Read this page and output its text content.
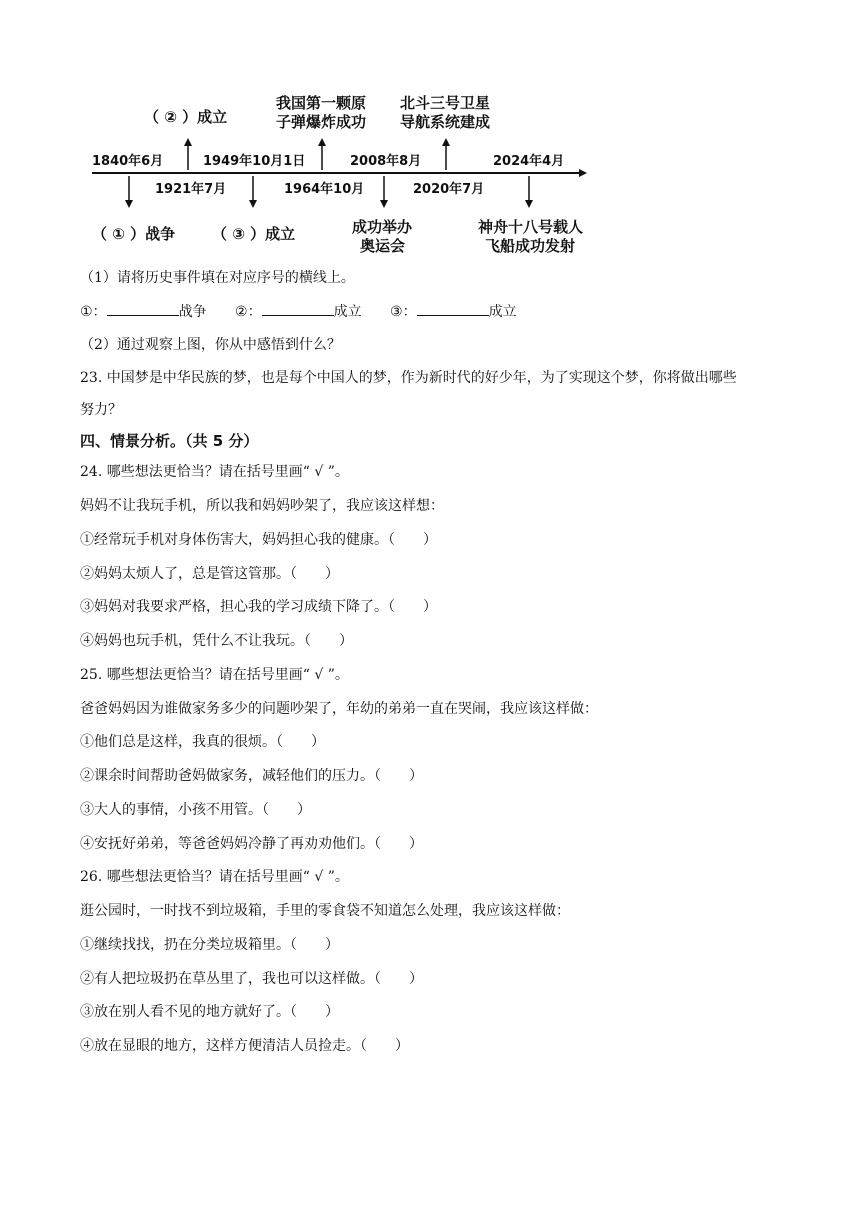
1840年6月	1949年10月1日	2008年8月	2024年4月
1921年7月	1964年10月	2020年7月
（ ② ）成立
我国第一颗原
子弹爆炸成功
北斗三号卫星
导航系统建成
（ ① ）战争 （ ③ ）成立	成功举办
奥运会
神舟十八号载人
飞船成功发射
（1）请将历史事件填在对应序号的横线上。
①：	战争 ②：	成立 ③：	成立
（2）通过观察上图，你从中感悟到什么？
23. 中国梦是中华民族的梦，也是每个中国人的梦，作为新时代的好少年，为了实现这个梦，你将做出哪些
努力？
四、情景分析。（共 5 分）
24. 哪些想法更恰当？请在括号里画“ √ ”。
妈妈不让我玩手机，所以我和妈妈吵架了，我应该这样想：
①经常玩手机对身体伤害大，妈妈担心我的健康。（　　）
②妈妈太烦人了，总是管这管那。（　　）
③妈妈对我要求严格，担心我的学习成绩下降了。（　　）
④妈妈也玩手机，凭什么不让我玩。（　　）
25. 哪些想法更恰当？请在括号里画“ √ ”。
爸爸妈妈因为谁做家务多少的问题吵架了，年幼的弟弟一直在哭闹，我应该这样做：
①他们总是这样，我真的很烦。（　　）
②课余时间帮助爸妈做家务，减轻他们的压力。（　　）
③大人的事情，小孩不用管。（　　）
④安抚好弟弟，等爸爸妈妈冷静了再劝劝他们。（　　）
26. 哪些想法更恰当？请在括号里画“ √ ”。
逛公园时，一时找不到垃圾箱，手里的零食袋不知道怎么处理，我应该这样做：
①继续找找，扔在分类垃圾箱里。（　　）
②有人把垃圾扔在草丛里了，我也可以这样做。（　　）
③放在别人看不见的地方就好了。（　　）
④放在显眼的地方，这样方便清洁人员捡走。（　　）
